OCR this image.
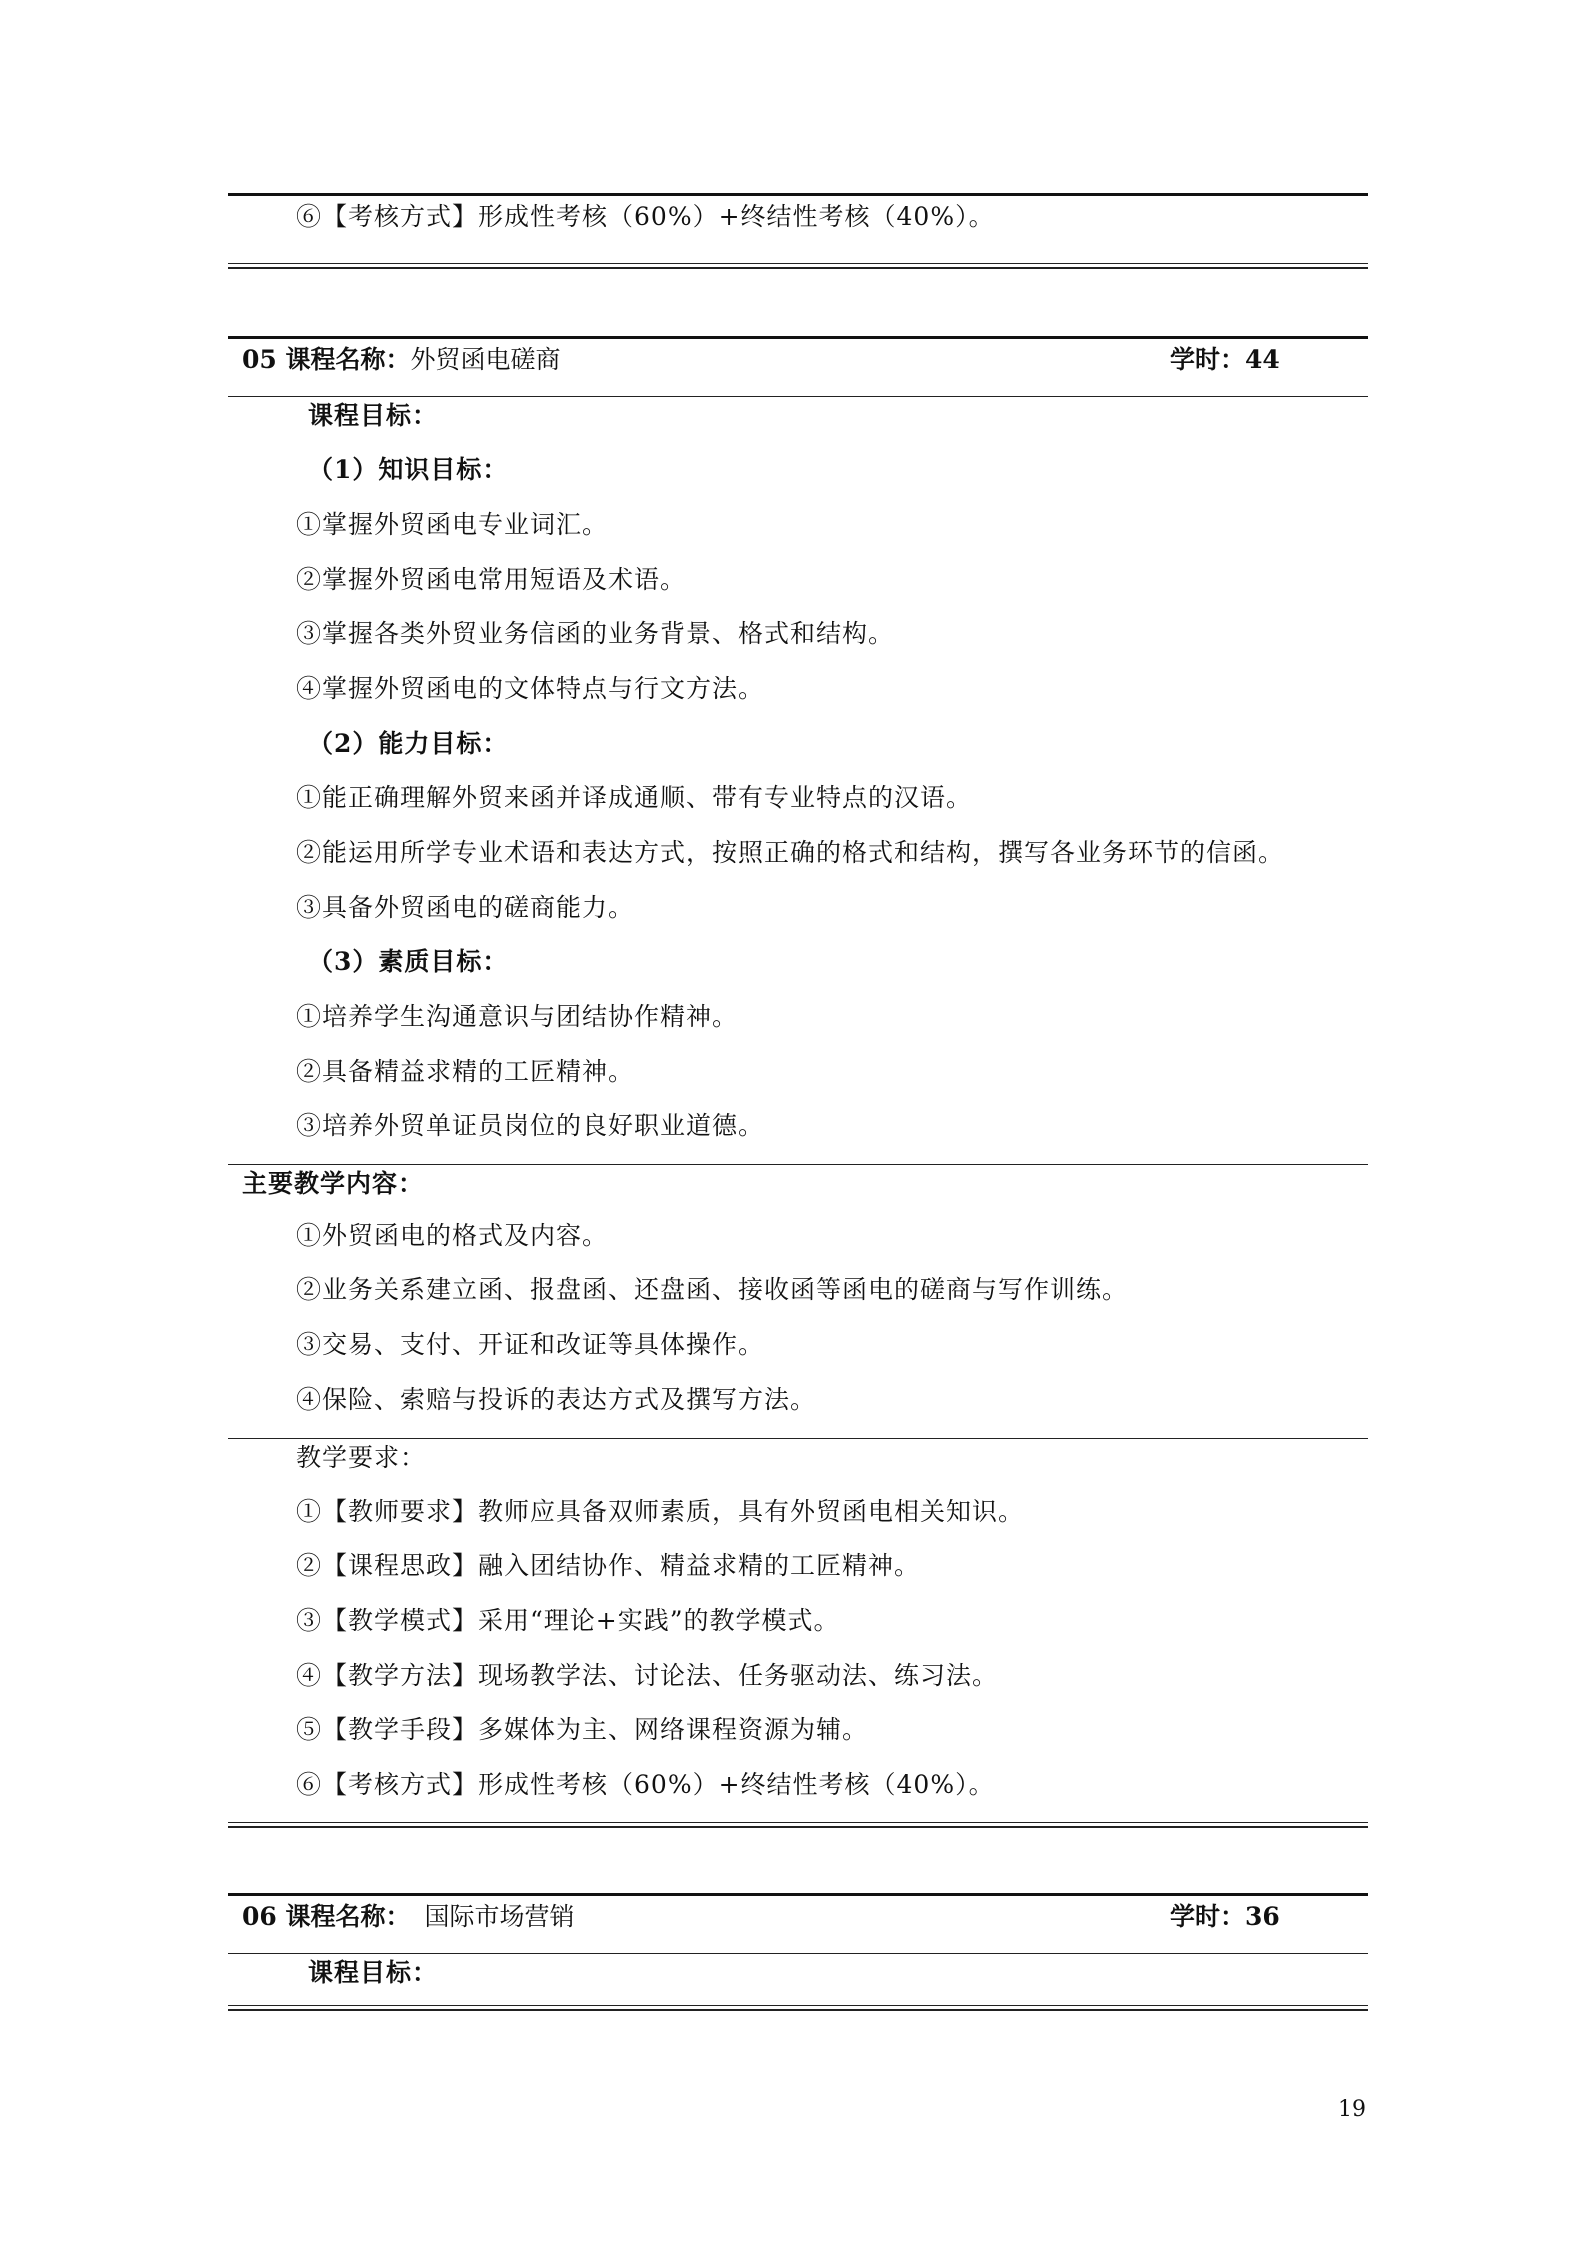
⑥【考核方式】形成性考核（60%）+终结性考核（40%）。
05 课程名称：外贸函电磋商	学时：44
课程目标：
（1）知识目标：
①掌握外贸函电专业词汇。
②掌握外贸函电常用短语及术语。
③掌握各类外贸业务信函的业务背景、格式和结构。
④掌握外贸函电的文体特点与行文方法。
（2）能力目标：
①能正确理解外贸来函并译成通顺、带有专业特点的汉语。
②能运用所学专业术语和表达方式，按照正确的格式和结构，撰写各业务环节的信函。
③具备外贸函电的磋商能力。
（3）素质目标：
①培养学生沟通意识与团结协作精神。
②具备精益求精的工匠精神。
③培养外贸单证员岗位的良好职业道德。
主要教学内容：
①外贸函电的格式及内容。
②业务关系建立函、报盘函、还盘函、接收函等函电的磋商与写作训练。
③交易、支付、开证和改证等具体操作。
④保险、索赔与投诉的表达方式及撰写方法。
教学要求：
①【教师要求】教师应具备双师素质，具有外贸函电相关知识。
②【课程思政】融入团结协作、精益求精的工匠精神。
③【教学模式】采用“理论+实践”的教学模式。
④【教学方法】现场教学法、讨论法、任务驱动法、练习法。
⑤【教学手段】多媒体为主、网络课程资源为辅。
⑥【考核方式】形成性考核（60%）+终结性考核（40%）。
06 课程名称： 国际市场营销	学时：36
课程目标：
19
